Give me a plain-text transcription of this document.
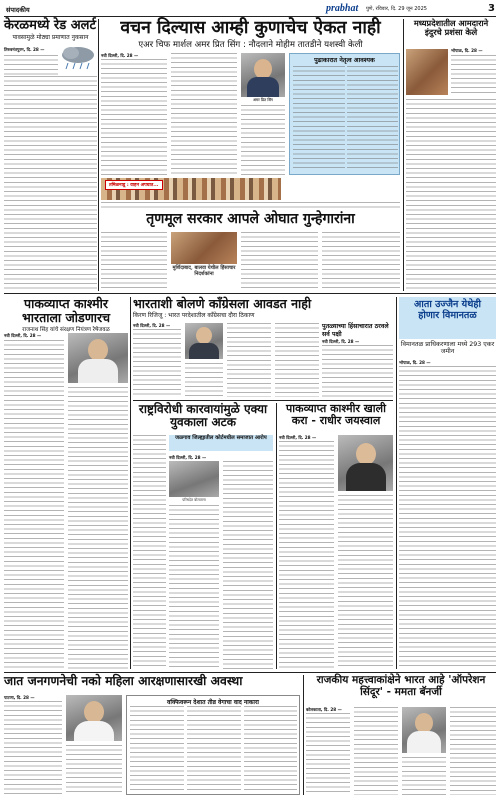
संपादकीय	prabhat पुणे, रविवार, दि. 29 जून 2025	3
केरळमध्ये रेड अलर्ट
पावसामुळे मोठ्या प्रमाणात नुकसान
तिरुवनंतपुरम, दि. 28 —
वचन दिल्यास आम्ही कुणाचेच ऐकत नाही
एअर चिफ मार्शल अमर प्रित सिंग : नौदलाने मोहीम तातडीने यशस्वी केली
नवी दिल्ली, दि. 28 —
अमर प्रित सिंग
पुढाकारात नेतृत्व आवश्यक
मध्यप्रदेशातील आमदाराने इंदुरचे प्रशंसा केले
भोपाळ, दि. 28 —
तमिळनाडू : वाहन अपघात...
तृणमूल सरकार आपले ओघात गुन्हेगारांना
मुर्शिदाबाद, बालवा येथील हिंसाचार निदर्शकांना
पाकव्याप्त काश्मीर भारताला जोडणारच
राजनाथ सिंह यांचे संरक्षण नियंत्रण रेषेजवळ
नवी दिल्ली, दि. 28 —
भारताशी बोलणे काँग्रेसला आवडत नाही
किरण रिजिजू : भारत परदेशातील काँग्रेसचा दौरा ठिकाण
नवी दिल्ली, दि. 28 —	पुतळ्याच्या हिंसाचारात ठरवले सर्व पक्षी
नवी दिल्ली, दि. 28 —
आता उज्जैन येथेही होणार विमानतळ
विमानतळ प्राधिकरणाला मध्ये 293 एकर जमीन
भोपाळ, दि. 28 —
राष्ट्रविरोधी कारवायांमुळे एक्या युवकाला अटक
जळगाव जिल्ह्यातील कोर्टमधील समाजात आरोप
नवी दिल्ली, दि. 28 —
परिषदेत बोलताना
पाकव्याप्त काश्मीर खाली करा - राधीर जयस्वाल
नवी दिल्ली, दि. 28 —
जात जनगणनेची नको महिला आरक्षणासारखी अवस्था
पाटणा, दि. 28 —
वक्फिवरून देशात तीव्र वेगाचा वाद नाकारा
राजकीय महत्त्वाकांक्षेने भारत आहे 'ऑपरेशन सिंदूर' - ममता बॅनर्जी
कोलकाता, दि. 28 —
